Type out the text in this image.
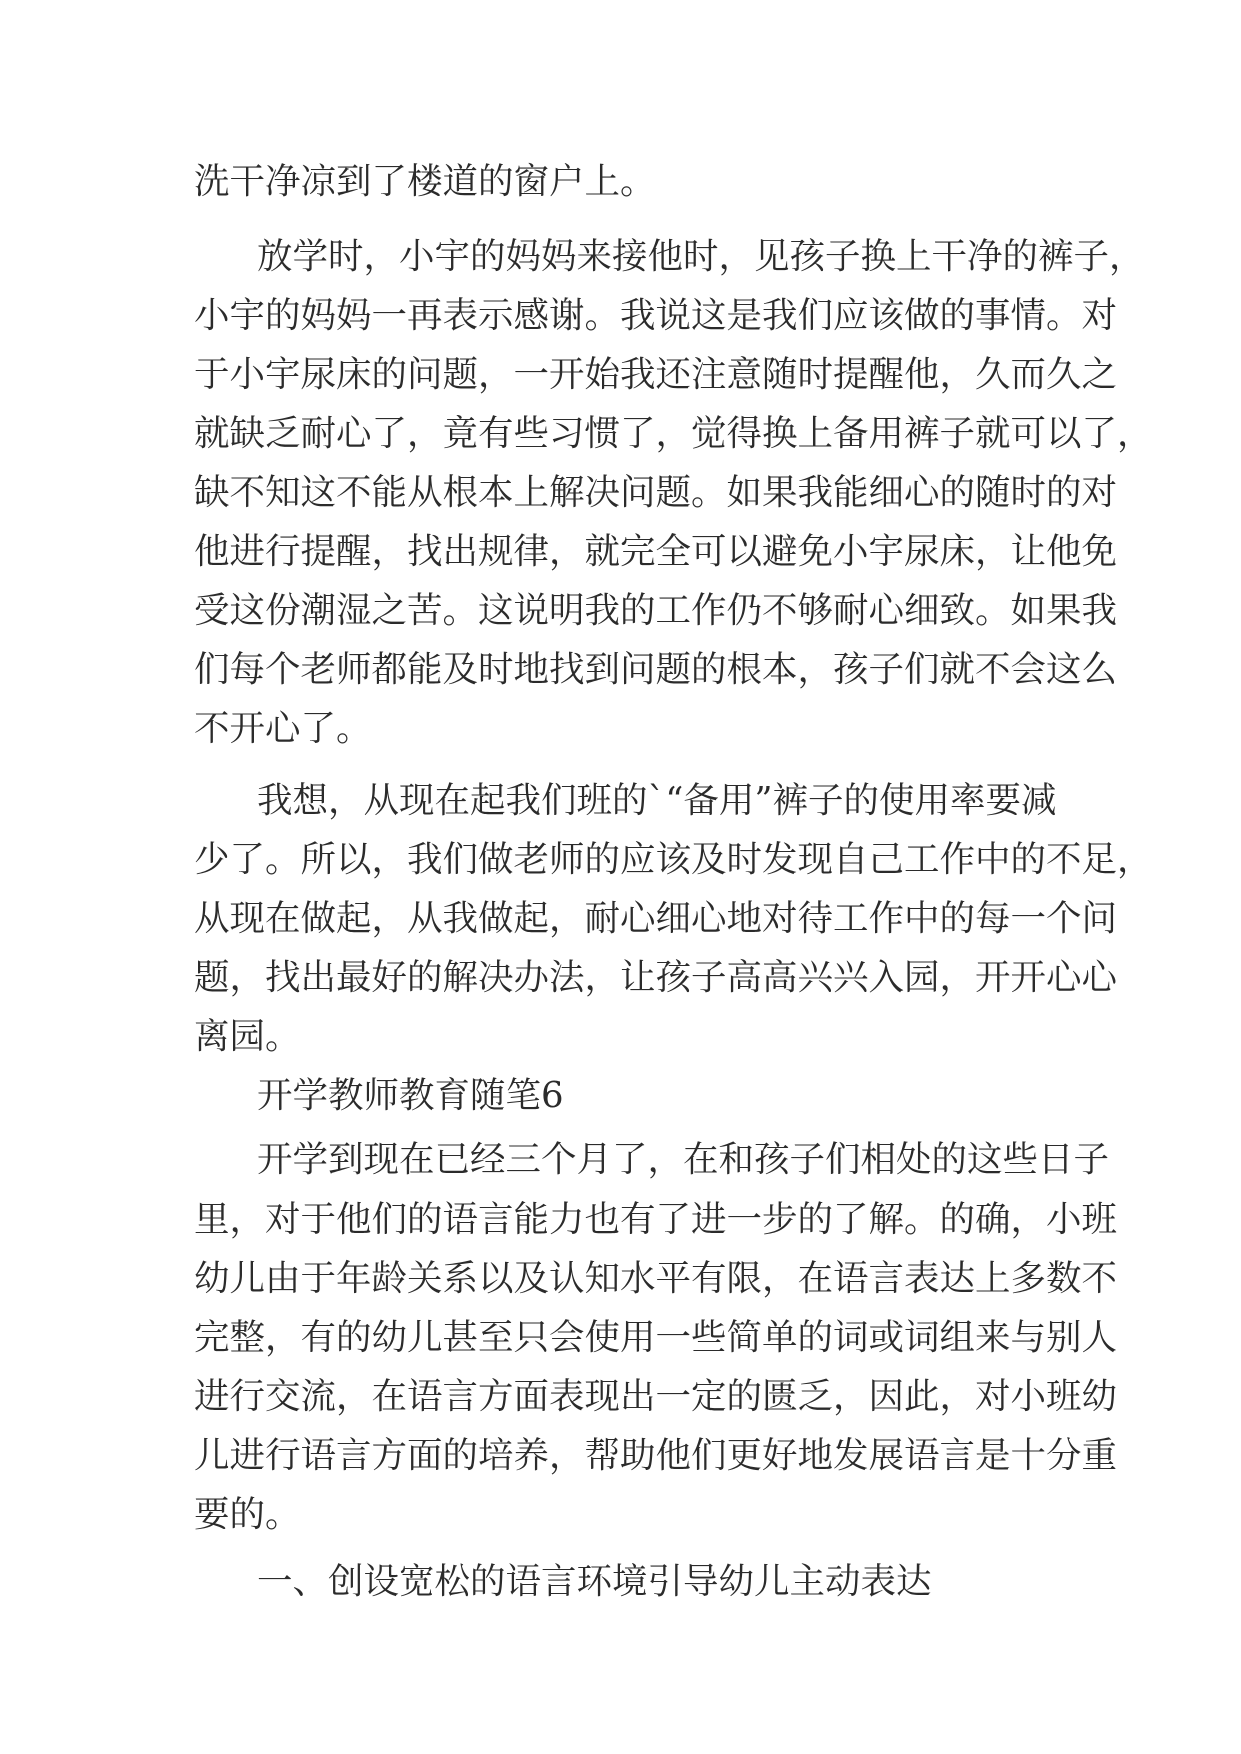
洗干净凉到了楼道的窗户上。
放学时，小宇的妈妈来接他时，见孩子换上干净的裤子，
小宇的妈妈一再表示感谢。我说这是我们应该做的事情。对
于小宇尿床的问题，一开始我还注意随时提醒他，久而久之
就缺乏耐心了，竟有些习惯了，觉得换上备用裤子就可以了，
缺不知这不能从根本上解决问题。如果我能细心的随时的对
他进行提醒，找出规律，就完全可以避免小宇尿床，让他免
受这份潮湿之苦。这说明我的工作仍不够耐心细致。如果我
们每个老师都能及时地找到问题的根本，孩子们就不会这么
不开心了。
我想，从现在起我们班的`“备用”裤子的使用率要减
少了。所以，我们做老师的应该及时发现自己工作中的不足，
从现在做起，从我做起，耐心细心地对待工作中的每一个问
题，找出最好的解决办法，让孩子高高兴兴入园，开开心心
离园。
开学教师教育随笔6
开学到现在已经三个月了，在和孩子们相处的这些日子
里，对于他们的语言能力也有了进一步的了解。的确，小班
幼儿由于年龄关系以及认知水平有限，在语言表达上多数不
完整，有的幼儿甚至只会使用一些简单的词或词组来与别人
进行交流，在语言方面表现出一定的匮乏，因此，对小班幼
儿进行语言方面的培养，帮助他们更好地发展语言是十分重
要的。
一、创设宽松的语言环境引导幼儿主动表达
